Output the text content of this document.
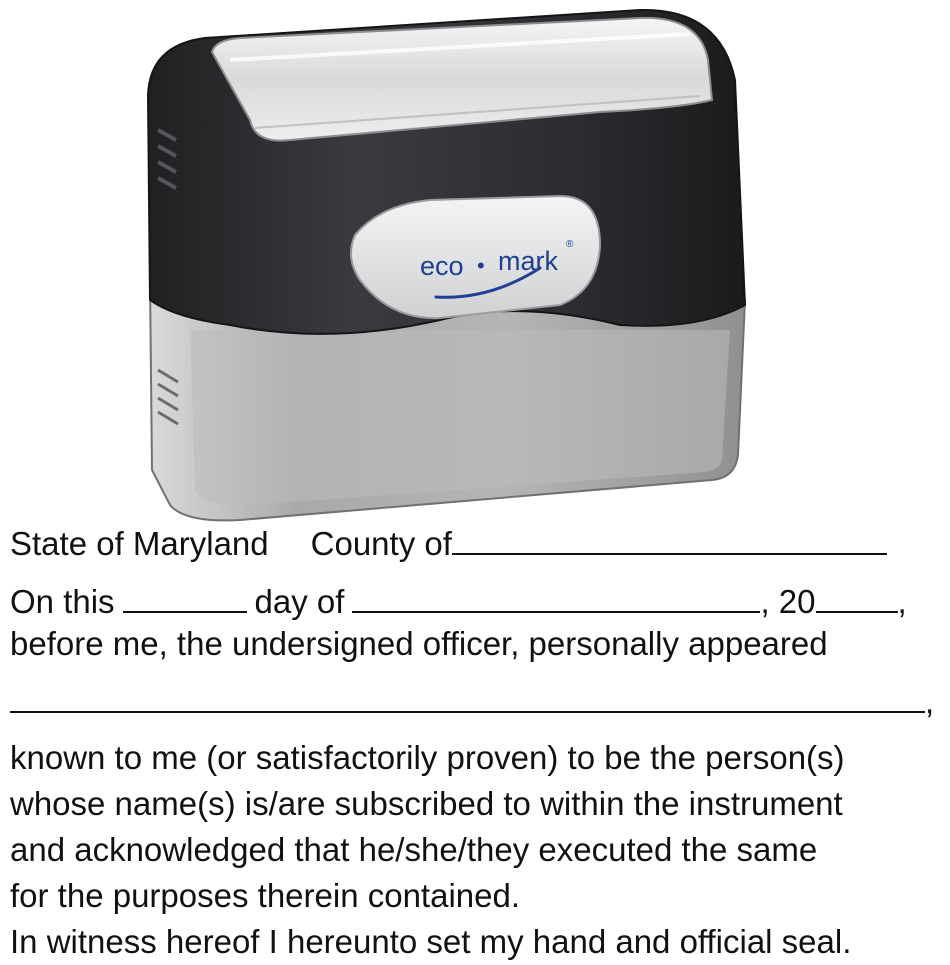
eco • mark
®
State of Maryland County of
On this	day of	, 20 ,
before me, the undersigned officer, personally appeared
,
known to me (or satisfactorily proven) to be the person(s)
whose name(s) is/are subscribed to within the instrument
and acknowledged that he/she/they executed the same
for the purposes therein contained.
In witness hereof I hereunto set my hand and official seal.
